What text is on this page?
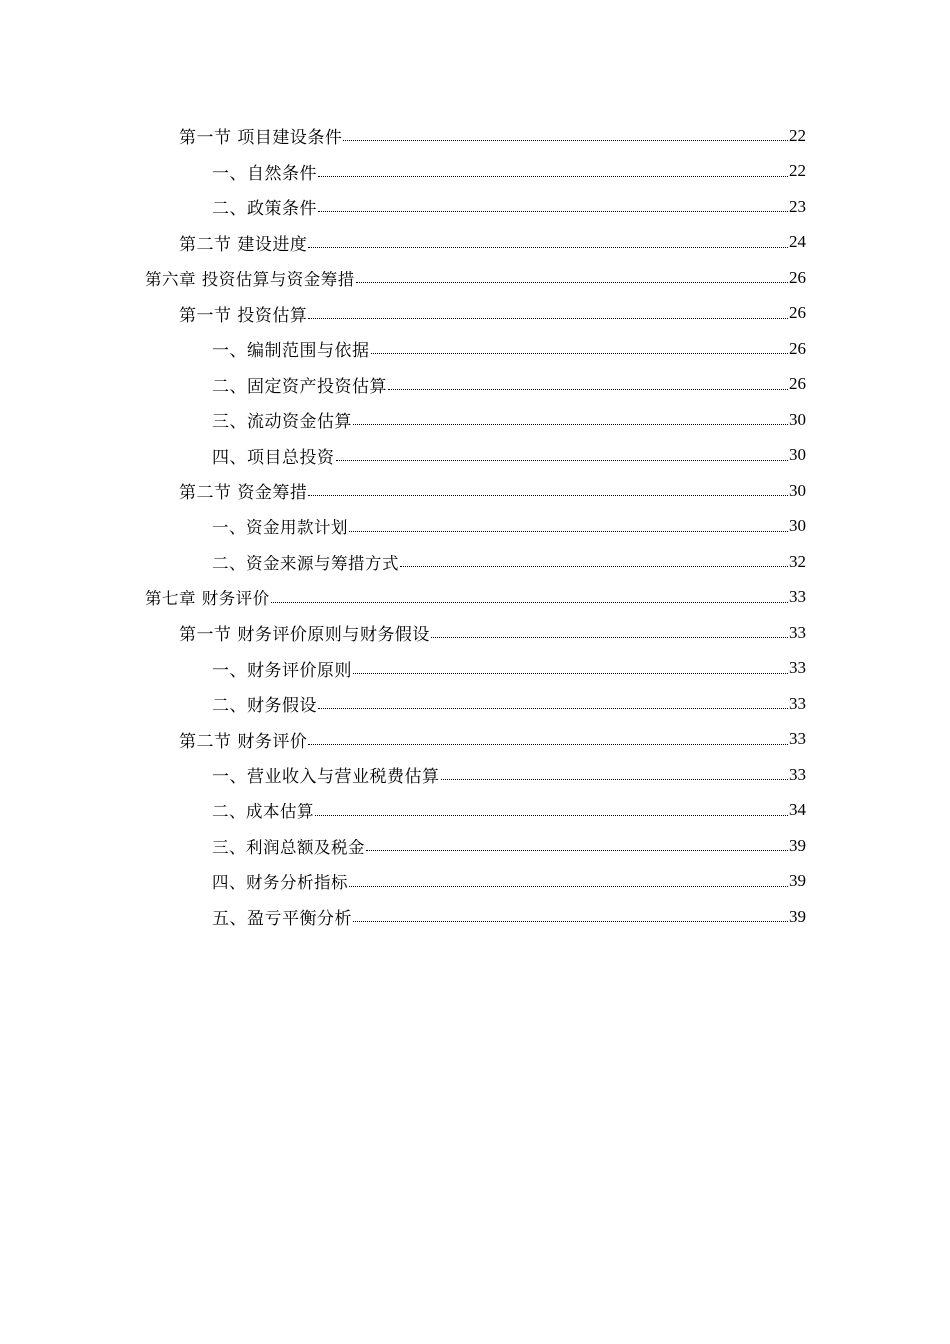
第一节 项目建设条件	22
一、自然条件	22
二、政策条件	23
第二节 建设进度	24
第六章 投资估算与资金筹措	26
第一节 投资估算	26
一、编制范围与依据	26
二、固定资产投资估算	26
三、流动资金估算	30
四、项目总投资	30
第二节 资金筹措	30
一、资金用款计划	30
二、资金来源与筹措方式	32
第七章 财务评价	33
第一节 财务评价原则与财务假设	33
一、财务评价原则	33
二、财务假设	33
第二节 财务评价	33
一、营业收入与营业税费估算	33
二、成本估算	34
三、利润总额及税金	39
四、财务分析指标	39
五、盈亏平衡分析	39
